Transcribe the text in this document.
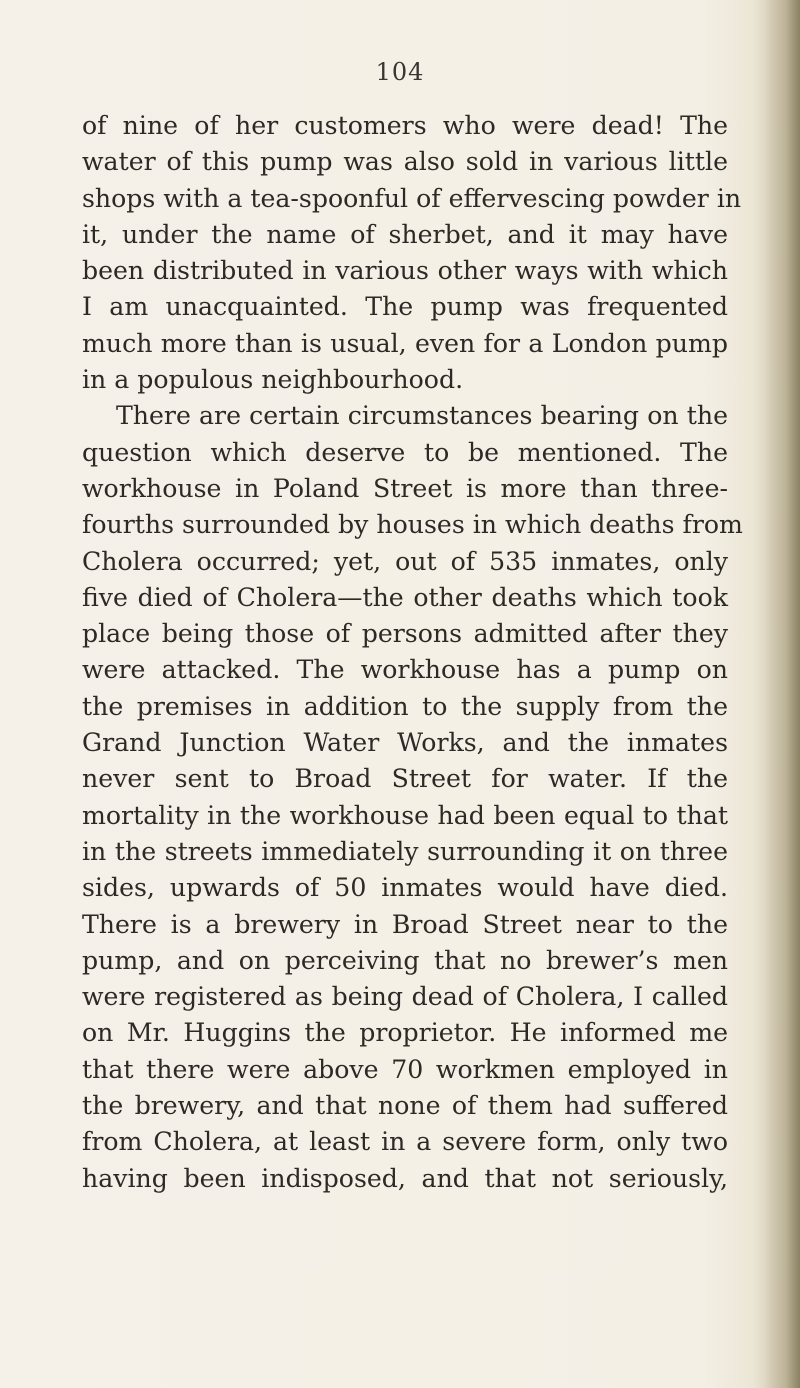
104
of nine of her customers who were dead! The
water of this pump was also sold in various little
shops with a tea-spoonful of effervescing powder in
it, under the name of sherbet, and it may have
been distributed in various other ways with which
I am unacquainted. The pump was frequented
much more than is usual, even for a London pump
in a populous neighbourhood.
There are certain circumstances bearing on the
question which deserve to be mentioned. The
workhouse in Poland Street is more than three-
fourths surrounded by houses in which deaths from
Cholera occurred; yet, out of 535 inmates, only
five died of Cholera—the other deaths which took
place being those of persons admitted after they
were attacked. The workhouse has a pump on
the premises in addition to the supply from the
Grand Junction Water Works, and the inmates
never sent to Broad Street for water. If the
mortality in the workhouse had been equal to that
in the streets immediately surrounding it on three
sides, upwards of 50 inmates would have died.
There is a brewery in Broad Street near to the
pump, and on perceiving that no brewer’s men
were registered as being dead of Cholera, I called
on Mr. Huggins the proprietor. He informed me
that there were above 70 workmen employed in
the brewery, and that none of them had suffered
from Cholera, at least in a severe form, only two
having been indisposed, and that not seriously,
